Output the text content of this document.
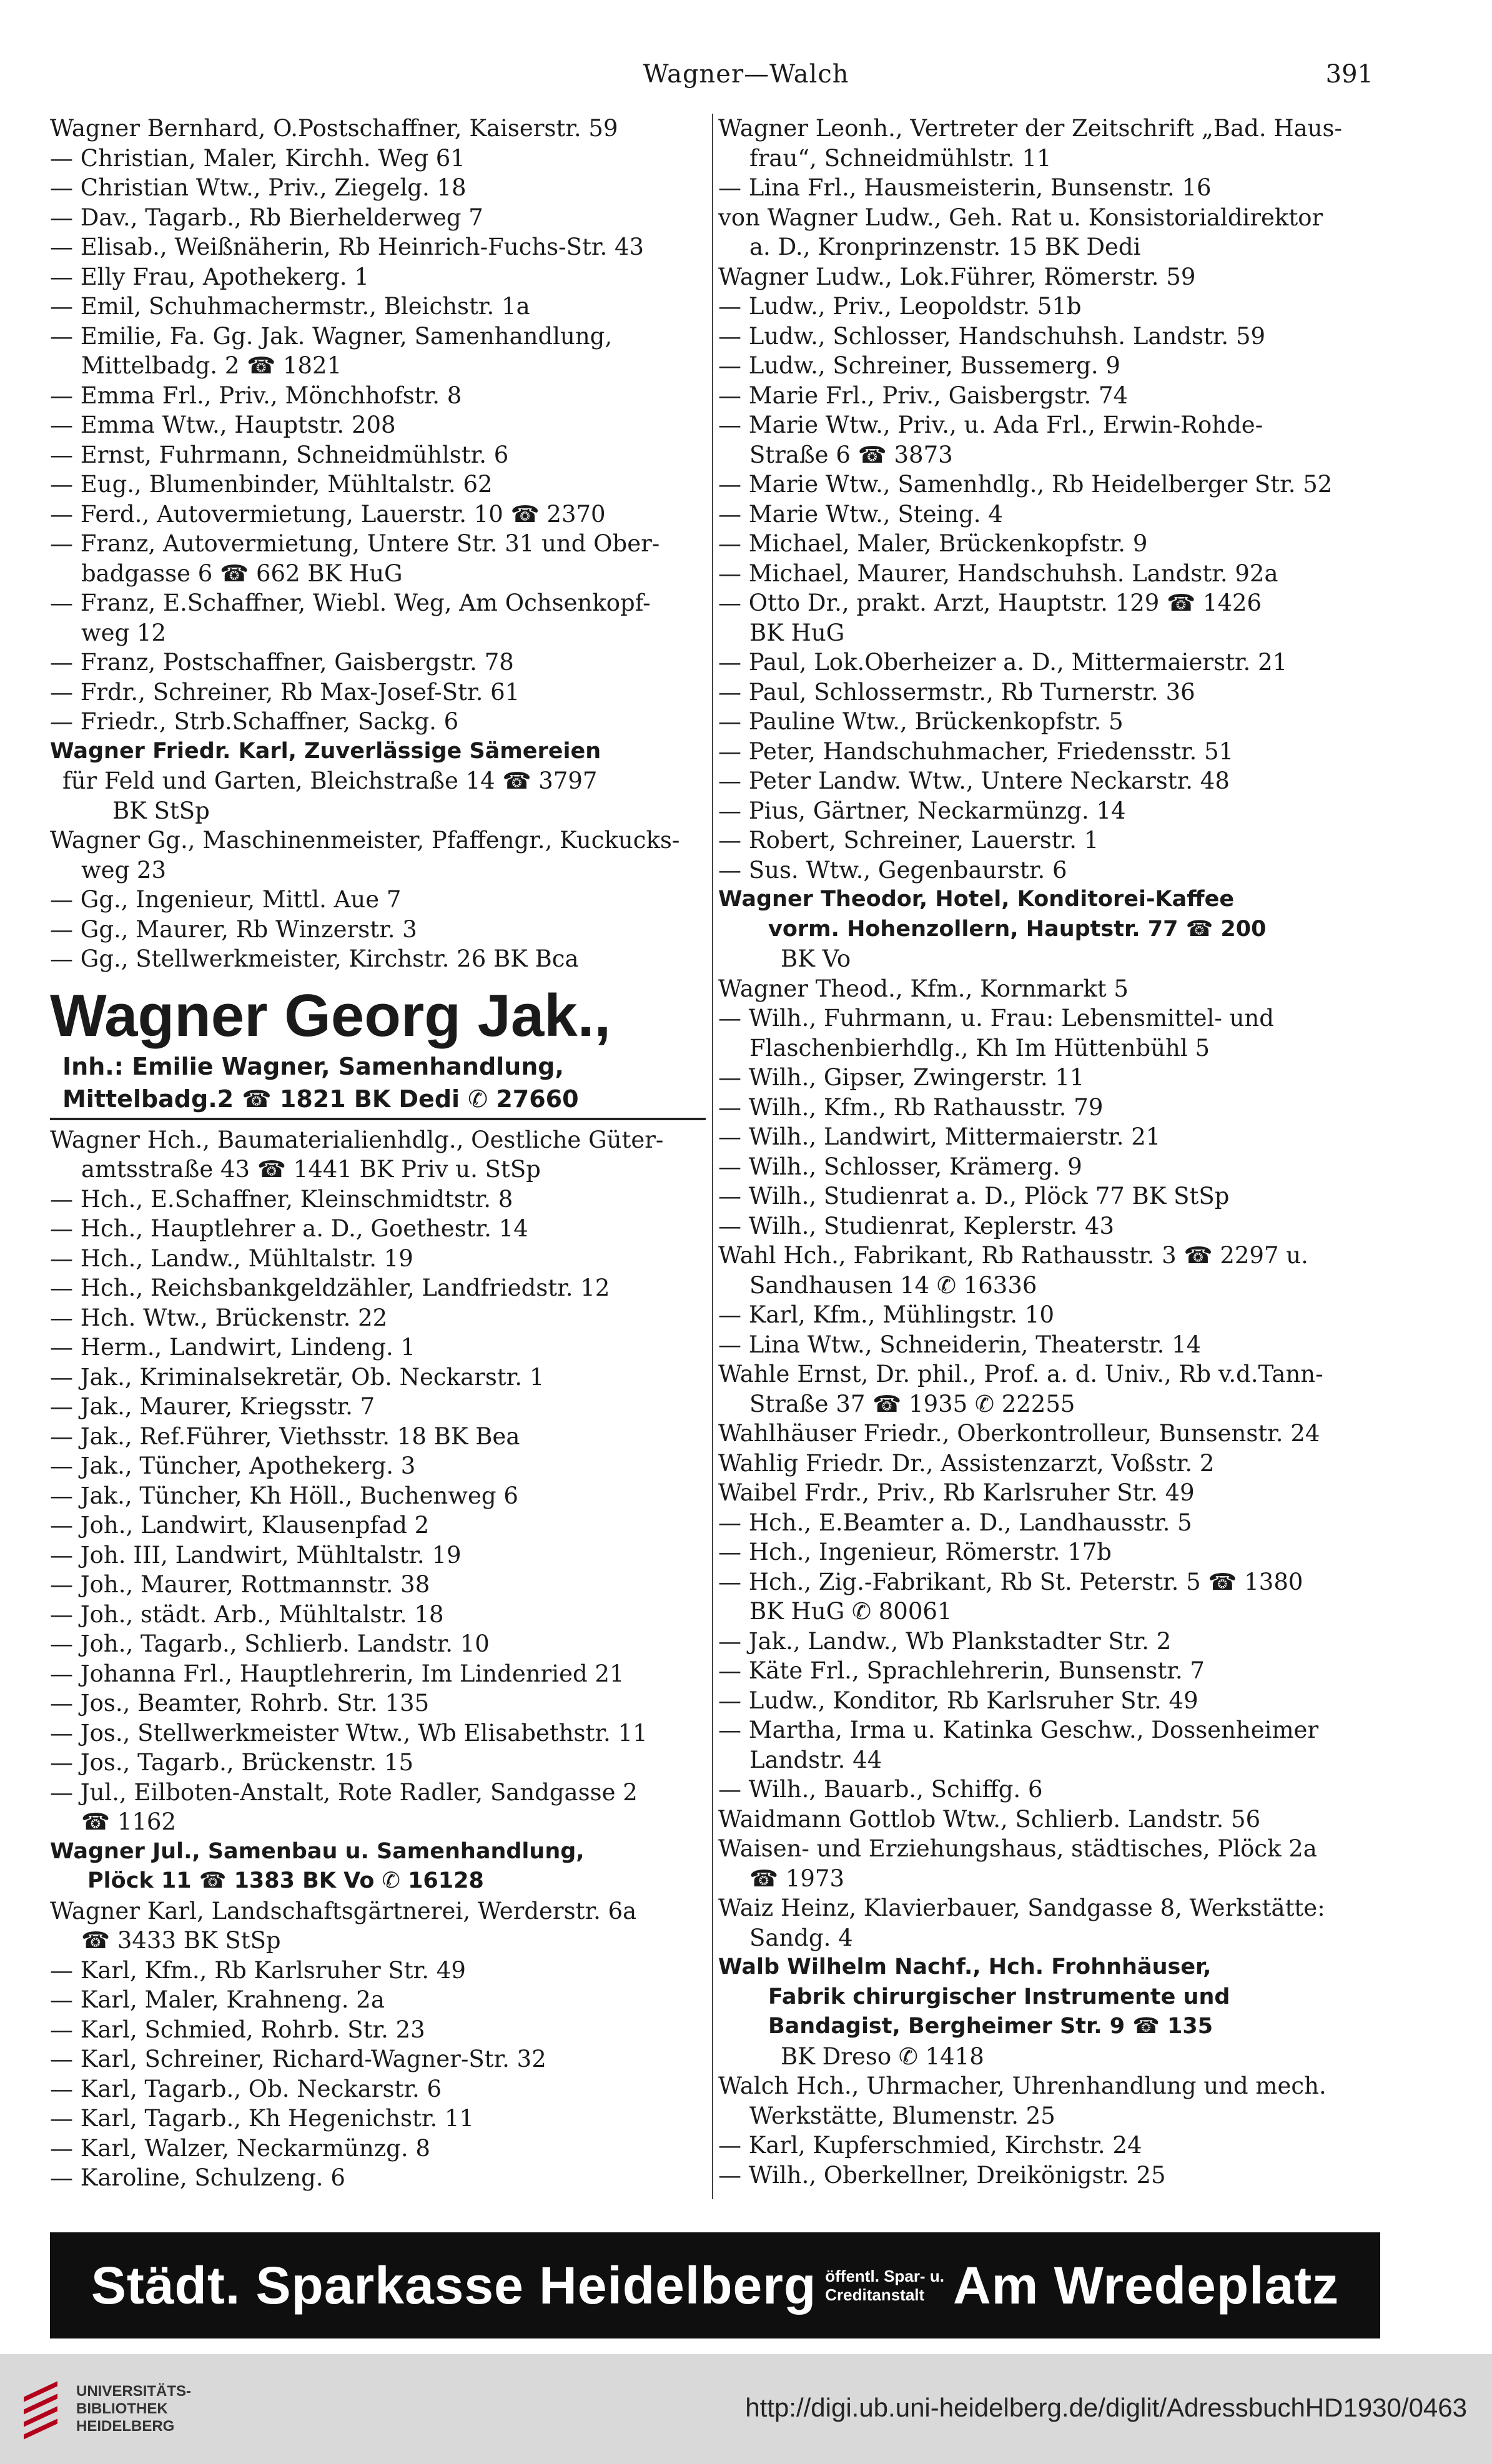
Wagner—Walch	391
Wagner Bernhard, O.Postschaffner, Kaiserstr. 59
— Christian, Maler, Kirchh. Weg 61
— Christian Wtw., Priv., Ziegelg. 18
— Dav., Tagarb., Rb Bierhelderweg 7
— Elisab., Weißnäherin, Rb Heinrich-Fuchs-Str. 43
— Elly Frau, Apothekerg. 1
— Emil, Schuhmachermstr., Bleichstr. 1a
— Emilie, Fa. Gg. Jak. Wagner, Samenhandlung,
Mittelbadg. 2 ☎ 1821
— Emma Frl., Priv., Mönchhofstr. 8
— Emma Wtw., Hauptstr. 208
— Ernst, Fuhrmann, Schneidmühlstr. 6
— Eug., Blumenbinder, Mühltalstr. 62
— Ferd., Autovermietung, Lauerstr. 10 ☎ 2370
— Franz, Autovermietung, Untere Str. 31 und Ober-
badgasse 6 ☎ 662 BK HuG
— Franz, E.Schaffner, Wiebl. Weg, Am Ochsenkopf-
weg 12
— Franz, Postschaffner, Gaisbergstr. 78
— Frdr., Schreiner, Rb Max-Josef-Str. 61
— Friedr., Strb.Schaffner, Sackg. 6
Wagner Friedr. Karl, Zuverlässige Sämereien
für Feld und Garten, Bleichstraße 14 ☎ 3797
BK StSp
Wagner Gg., Maschinenmeister, Pfaffengr., Kuckucks-
weg 23
— Gg., Ingenieur, Mittl. Aue 7
— Gg., Maurer, Rb Winzerstr. 3
— Gg., Stellwerkmeister, Kirchstr. 26 BK Bca
Wagner Georg Jak.,
Inh.: Emilie Wagner, Samenhandlung,
Mittelbadg.2 ☎ 1821 BK Dedi ✆ 27660
Wagner Hch., Baumaterialienhdlg., Oestliche Güter-
amtsstraße 43 ☎ 1441 BK Priv u. StSp
— Hch., E.Schaffner, Kleinschmidtstr. 8
— Hch., Hauptlehrer a. D., Goethestr. 14
— Hch., Landw., Mühltalstr. 19
— Hch., Reichsbankgeldzähler, Landfriedstr. 12
— Hch. Wtw., Brückenstr. 22
— Herm., Landwirt, Lindeng. 1
— Jak., Kriminalsekretär, Ob. Neckarstr. 1
— Jak., Maurer, Kriegsstr. 7
— Jak., Ref.Führer, Viethsstr. 18 BK Bea
— Jak., Tüncher, Apothekerg. 3
— Jak., Tüncher, Kh Höll., Buchenweg 6
— Joh., Landwirt, Klausenpfad 2
— Joh. III, Landwirt, Mühltalstr. 19
— Joh., Maurer, Rottmannstr. 38
— Joh., städt. Arb., Mühltalstr. 18
— Joh., Tagarb., Schlierb. Landstr. 10
— Johanna Frl., Hauptlehrerin, Im Lindenried 21
— Jos., Beamter, Rohrb. Str. 135
— Jos., Stellwerkmeister Wtw., Wb Elisabethstr. 11
— Jos., Tagarb., Brückenstr. 15
— Jul., Eilboten-Anstalt, Rote Radler, Sandgasse 2
☎ 1162
Wagner Jul., Samenbau u. Samenhandlung,
Plöck 11 ☎ 1383 BK Vo ✆ 16128
Wagner Karl, Landschaftsgärtnerei, Werderstr. 6a
☎ 3433 BK StSp
— Karl, Kfm., Rb Karlsruher Str. 49
— Karl, Maler, Krahneng. 2a
— Karl, Schmied, Rohrb. Str. 23
— Karl, Schreiner, Richard-Wagner-Str. 32
— Karl, Tagarb., Ob. Neckarstr. 6
— Karl, Tagarb., Kh Hegenichstr. 11
— Karl, Walzer, Neckarmünzg. 8
— Karoline, Schulzeng. 6
Wagner Leonh., Vertreter der Zeitschrift „Bad. Haus-
frau“, Schneidmühlstr. 11
— Lina Frl., Hausmeisterin, Bunsenstr. 16
von Wagner Ludw., Geh. Rat u. Konsistorialdirektor
a. D., Kronprinzenstr. 15 BK Dedi
Wagner Ludw., Lok.Führer, Römerstr. 59
— Ludw., Priv., Leopoldstr. 51b
— Ludw., Schlosser, Handschuhsh. Landstr. 59
— Ludw., Schreiner, Bussemerg. 9
— Marie Frl., Priv., Gaisbergstr. 74
— Marie Wtw., Priv., u. Ada Frl., Erwin-Rohde-
Straße 6 ☎ 3873
— Marie Wtw., Samenhdlg., Rb Heidelberger Str. 52
— Marie Wtw., Steing. 4
— Michael, Maler, Brückenkopfstr. 9
— Michael, Maurer, Handschuhsh. Landstr. 92a
— Otto Dr., prakt. Arzt, Hauptstr. 129 ☎ 1426
BK HuG
— Paul, Lok.Oberheizer a. D., Mittermaierstr. 21
— Paul, Schlossermstr., Rb Turnerstr. 36
— Pauline Wtw., Brückenkopfstr. 5
— Peter, Handschuhmacher, Friedensstr. 51
— Peter Landw. Wtw., Untere Neckarstr. 48
— Pius, Gärtner, Neckarmünzg. 14
— Robert, Schreiner, Lauerstr. 1
— Sus. Wtw., Gegenbaurstr. 6
Wagner Theodor, Hotel, Konditorei-Kaffee
vorm. Hohenzollern, Hauptstr. 77 ☎ 200
BK Vo
Wagner Theod., Kfm., Kornmarkt 5
— Wilh., Fuhrmann, u. Frau: Lebensmittel- und
Flaschenbierhdlg., Kh Im Hüttenbühl 5
— Wilh., Gipser, Zwingerstr. 11
— Wilh., Kfm., Rb Rathausstr. 79
— Wilh., Landwirt, Mittermaierstr. 21
— Wilh., Schlosser, Krämerg. 9
— Wilh., Studienrat a. D., Plöck 77 BK StSp
— Wilh., Studienrat, Keplerstr. 43
Wahl Hch., Fabrikant, Rb Rathausstr. 3 ☎ 2297 u.
Sandhausen 14 ✆ 16336
— Karl, Kfm., Mühlingstr. 10
— Lina Wtw., Schneiderin, Theaterstr. 14
Wahle Ernst, Dr. phil., Prof. a. d. Univ., Rb v.d.Tann-
Straße 37 ☎ 1935 ✆ 22255
Wahlhäuser Friedr., Oberkontrolleur, Bunsenstr. 24
Wahlig Friedr. Dr., Assistenzarzt, Voßstr. 2
Waibel Frdr., Priv., Rb Karlsruher Str. 49
— Hch., E.Beamter a. D., Landhausstr. 5
— Hch., Ingenieur, Römerstr. 17b
— Hch., Zig.-Fabrikant, Rb St. Peterstr. 5 ☎ 1380
BK HuG ✆ 80061
— Jak., Landw., Wb Plankstadter Str. 2
— Käte Frl., Sprachlehrerin, Bunsenstr. 7
— Ludw., Konditor, Rb Karlsruher Str. 49
— Martha, Irma u. Katinka Geschw., Dossenheimer
Landstr. 44
— Wilh., Bauarb., Schiffg. 6
Waidmann Gottlob Wtw., Schlierb. Landstr. 56
Waisen- und Erziehungshaus, städtisches, Plöck 2a
☎ 1973
Waiz Heinz, Klavierbauer, Sandgasse 8, Werkstätte:
Sandg. 4
Walb Wilhelm Nachf., Hch. Frohnhäuser,
Fabrik chirurgischer Instrumente und
Bandagist, Bergheimer Str. 9 ☎ 135
BK Dreso ✆ 1418
Walch Hch., Uhrmacher, Uhrenhandlung und mech.
Werkstätte, Blumenstr. 25
— Karl, Kupferschmied, Kirchstr. 24
— Wilh., Oberkellner, Dreikönigstr. 25
Städt. Sparkasse Heidelberg öffentl. Spar- u.
Creditanstalt Am Wredeplatz
UNIVERSITÄTS-
BIBLIOTHEK
HEIDELBERG
http://digi.ub.uni-heidelberg.de/diglit/AdressbuchHD1930/0463
